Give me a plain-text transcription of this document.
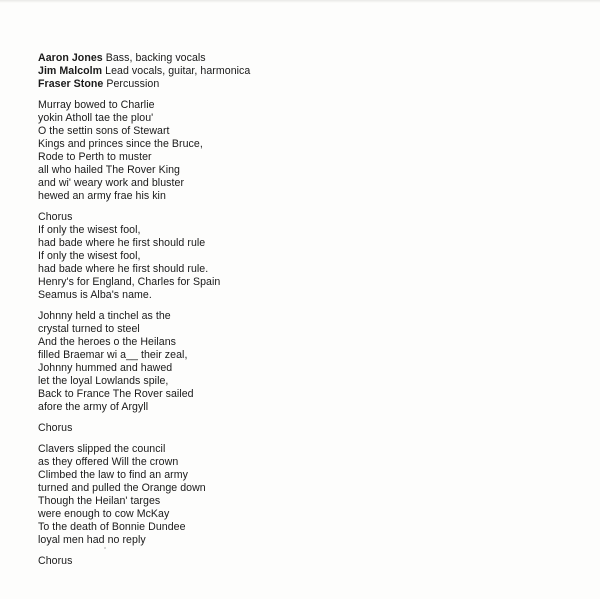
Aaron Jones Bass, backing vocals
Jim Malcolm Lead vocals, guitar, harmonica
Fraser Stone Percussion
Murray bowed to Charlie
yokin Atholl tae the plou'
O the settin sons of Stewart
Kings and princes since the Bruce,
Rode to Perth to muster
all who hailed The Rover King
and wi' weary work and bluster
hewed an army frae his kin
Chorus
If only the wisest fool,
had bade where he first should rule
If only the wisest fool,
had bade where he first should rule.
Henry's for England, Charles for Spain
Seamus is Alba's name.
Johnny held a tinchel as the
crystal turned to steel
And the heroes o the Heilans
filled Braemar wi a__ their zeal,
Johnny hummed and hawed
let the loyal Lowlands spile,
Back to France The Rover sailed
afore the army of Argyll
Chorus
Clavers slipped the council
as they offered Will the crown
Climbed the law to find an army
turned and pulled the Orange down
Though the Heilan' targes
were enough to cow McKay
To the death of Bonnie Dundee
loyal men had no reply
Chorus
